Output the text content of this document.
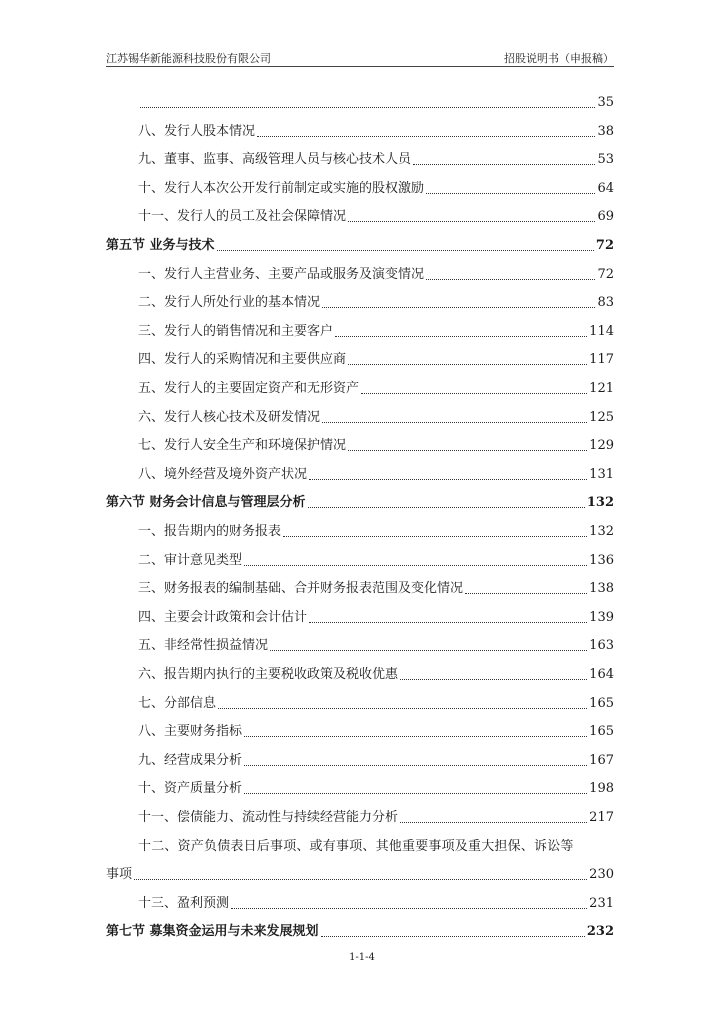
江苏锡华新能源科技股份有限公司	招股说明书（申报稿）
35
八、发行人股本情况	38
九、董事、监事、高级管理人员与核心技术人员	53
十、发行人本次公开发行前制定或实施的股权激励	64
十一、发行人的员工及社会保障情况	69
第五节 业务与技术	72
一、发行人主营业务、主要产品或服务及演变情况	72
二、发行人所处行业的基本情况	83
三、发行人的销售情况和主要客户	114
四、发行人的采购情况和主要供应商	117
五、发行人的主要固定资产和无形资产	121
六、发行人核心技术及研发情况	125
七、发行人安全生产和环境保护情况	129
八、境外经营及境外资产状况	131
第六节 财务会计信息与管理层分析	132
一、报告期内的财务报表	132
二、审计意见类型	136
三、财务报表的编制基础、合并财务报表范围及变化情况	138
四、主要会计政策和会计估计	139
五、非经常性损益情况	163
六、报告期内执行的主要税收政策及税收优惠	164
七、分部信息	165
八、主要财务指标	165
九、经营成果分析	167
十、资产质量分析	198
十一、偿债能力、流动性与持续经营能力分析	217
十二、资产负债表日后事项、或有事项、其他重要事项及重大担保、诉讼等
事项	230
十三、盈利预测	231
第七节 募集资金运用与未来发展规划	232
1-1-4
